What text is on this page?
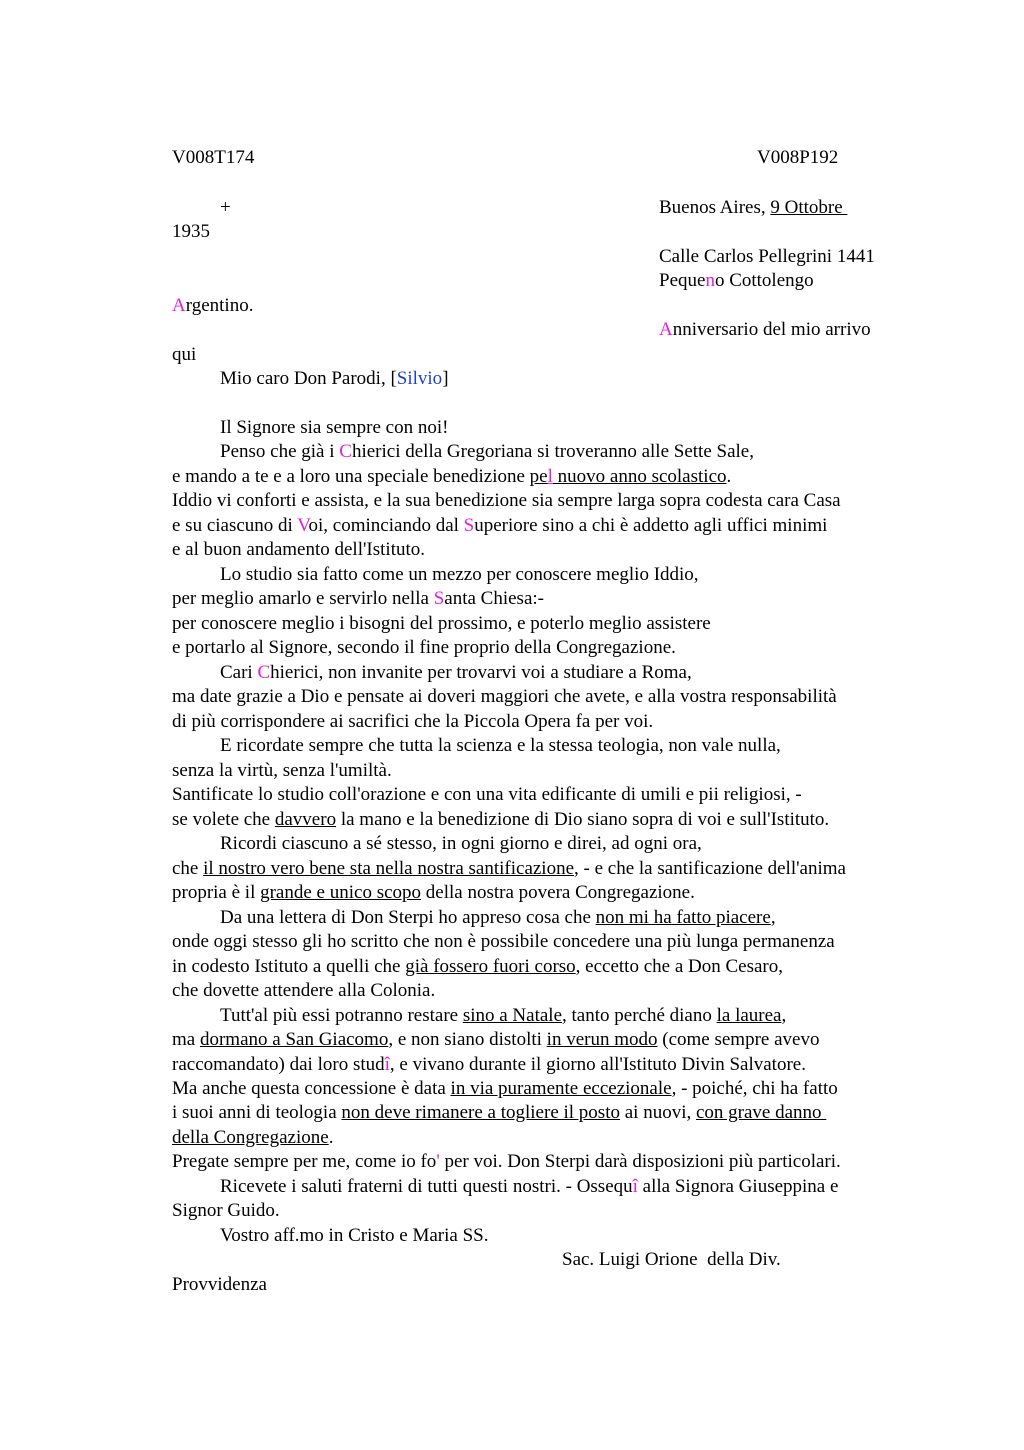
V008T174	V008P192
+	Buenos Aires, 9 Ottobre
1935
Calle Carlos Pellegrini 1441
Pequeno Cottolengo
Argentino.
Anniversario del mio arrivo
qui
Mio caro Don Parodi, [Silvio]
Il Signore sia sempre con noi!
Penso che già i Chierici della Gregoriana si troveranno alle Sette Sale,
e mando a te e a loro una speciale benedizione pel nuovo anno scolastico.
Iddio vi conforti e assista, e la sua benedizione sia sempre larga sopra codesta cara Casa
e su ciascuno di Voi, cominciando dal Superiore sino a chi è addetto agli uffici minimi
e al buon andamento dell'Istituto.
Lo studio sia fatto come un mezzo per conoscere meglio Iddio,
per meglio amarlo e servirlo nella Santa Chiesa:-
per conoscere meglio i bisogni del prossimo, e poterlo meglio assistere
e portarlo al Signore, secondo il fine proprio della Congregazione.
Cari Chierici, non invanite per trovarvi voi a studiare a Roma,
ma date grazie a Dio e pensate ai doveri maggiori che avete, e alla vostra responsabilità
di più corrispondere ai sacrifici che la Piccola Opera fa per voi.
E ricordate sempre che tutta la scienza e la stessa teologia, non vale nulla,
senza la virtù, senza l'umiltà.
Santificate lo studio coll'orazione e con una vita edificante di umili e pii religiosi, -
se volete che davvero la mano e la benedizione di Dio siano sopra di voi e sull'Istituto.
Ricordi ciascuno a sé stesso, in ogni giorno e direi, ad ogni ora,
che il nostro vero bene sta nella nostra santificazione, - e che la santificazione dell'anima
propria è il grande e unico scopo della nostra povera Congregazione.
Da una lettera di Don Sterpi ho appreso cosa che non mi ha fatto piacere,
onde oggi stesso gli ho scritto che non è possibile concedere una più lunga permanenza
in codesto Istituto a quelli che già fossero fuori corso, eccetto che a Don Cesaro,
che dovette attendere alla Colonia.
Tutt'al più essi potranno restare sino a Natale, tanto perché diano la laurea,
ma dormano a San Giacomo, e non siano distolti in verun modo (come sempre avevo
raccomandato) dai loro studî, e vivano durante il giorno all'Istituto Divin Salvatore.
Ma anche questa concessione è data in via puramente eccezionale, - poiché, chi ha fatto
i suoi anni di teologia non deve rimanere a togliere il posto ai nuovi, con grave danno
della Congregazione.
Pregate sempre per me, come io fo' per voi. Don Sterpi darà disposizioni più particolari.
Ricevete i saluti fraterni di tutti questi nostri. - Ossequî alla Signora Giuseppina e
Signor Guido.
Vostro aff.mo in Cristo e Maria SS.
Sac. Luigi Orione  della Div.
Provvidenza
